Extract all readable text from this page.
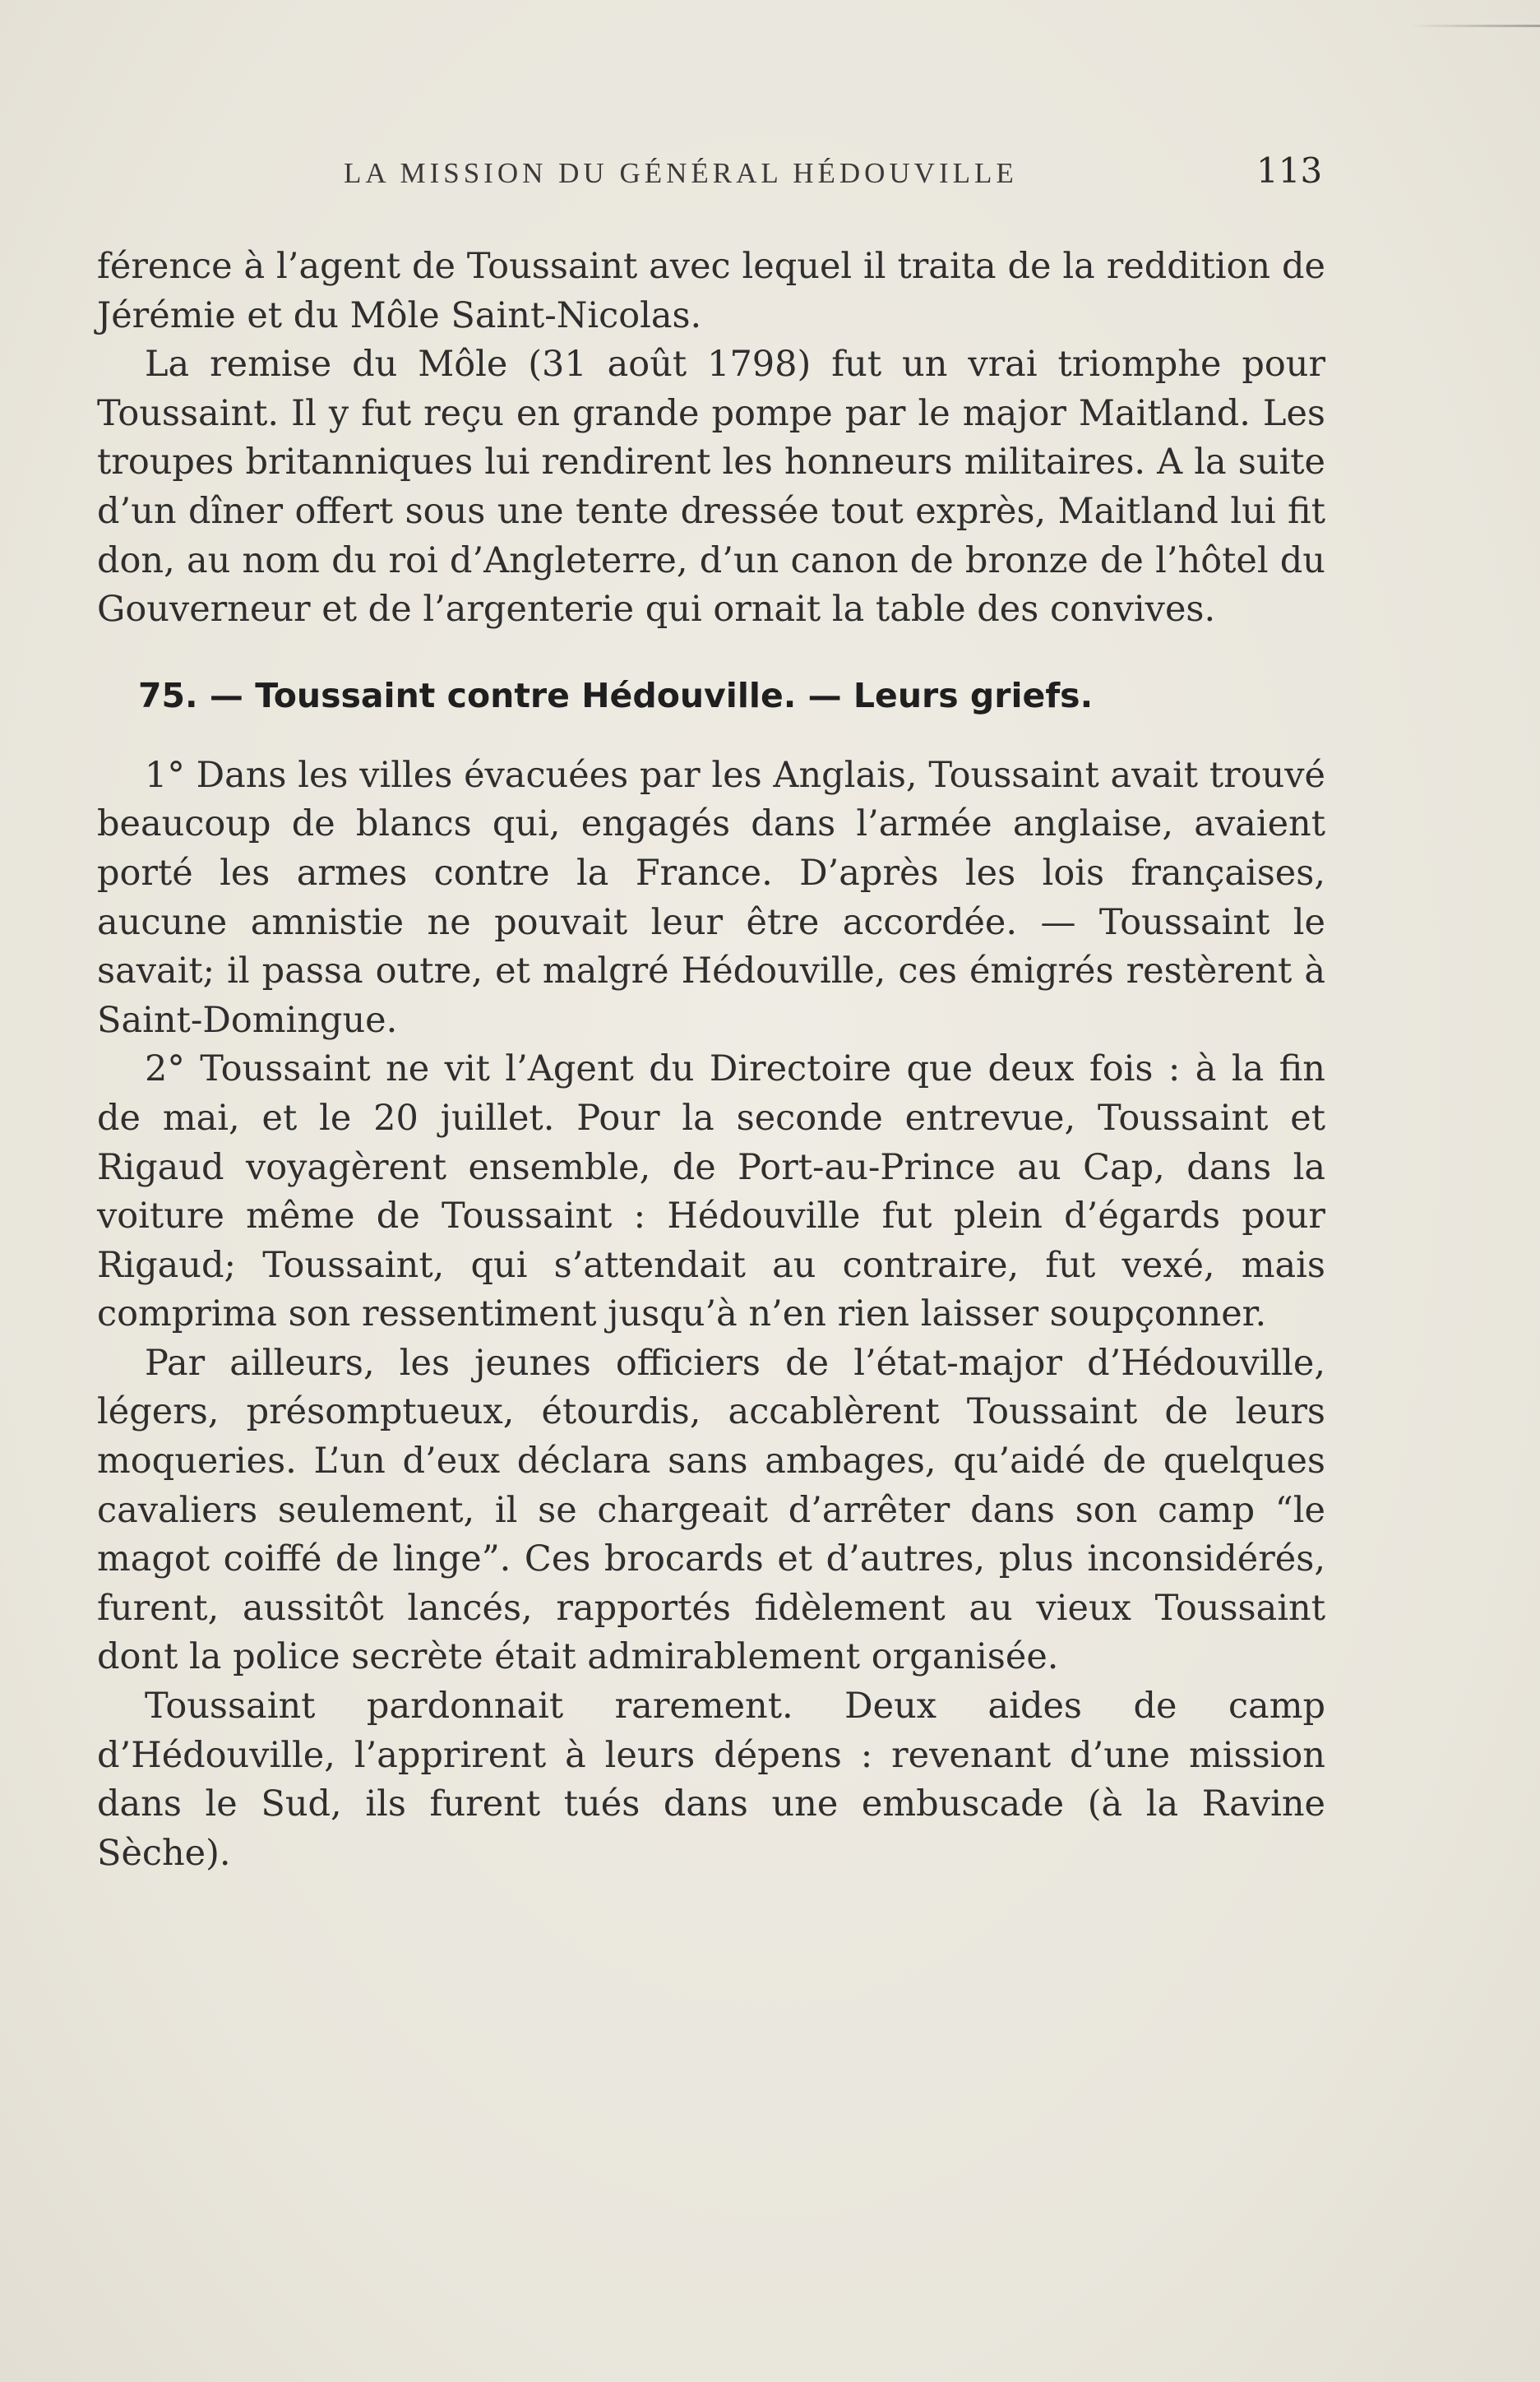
LA MISSION DU GÉNÉRAL HÉDOUVILLE	113

férence à l’agent de Toussaint avec lequel il traita de la reddition de Jérémie et du Môle Saint-Nicolas.

La remise du Môle (31 août 1798) fut un vrai triomphe pour Toussaint. Il y fut reçu en grande pompe par le major Maitland. Les troupes britanniques lui rendirent les honneurs militaires. A la suite d’un dîner offert sous une tente dressée tout exprès, Maitland lui fit don, au nom du roi d’Angleterre, d’un canon de bronze de l’hôtel du Gouverneur et de l’argenterie qui ornait la table des convives.

75. — Toussaint contre Hédouville. — Leurs griefs.

1° Dans les villes évacuées par les Anglais, Toussaint avait trouvé beaucoup de blancs qui, engagés dans l’armée anglaise, avaient porté les armes contre la France. D’après les lois françaises, aucune amnistie ne pouvait leur être accordée. — Toussaint le savait; il passa outre, et malgré Hédouville, ces émigrés restèrent à Saint-Domingue.

2° Toussaint ne vit l’Agent du Directoire que deux fois : à la fin de mai, et le 20 juillet. Pour la seconde entrevue, Toussaint et Rigaud voyagèrent ensemble, de Port-au-Prince au Cap, dans la voiture même de Toussaint : Hédouville fut plein d’égards pour Rigaud; Toussaint, qui s’attendait au contraire, fut vexé, mais comprima son ressentiment jusqu’à n’en rien laisser soupçonner.

Par ailleurs, les jeunes officiers de l’état-major d’Hédouville, légers, présomptueux, étourdis, accablèrent Toussaint de leurs moqueries. L’un d’eux déclara sans ambages, qu’aidé de quelques cavaliers seulement, il se chargeait d’arrêter dans son camp “le magot coiffé de linge”. Ces brocards et d’autres, plus inconsidérés, furent, aussitôt lancés, rapportés fidèlement au vieux Toussaint dont la police secrète était admirablement organisée.

Toussaint pardonnait rarement. Deux aides de camp d’Hédouville, l’apprirent à leurs dépens : revenant d’une mission dans le Sud, ils furent tués dans une embuscade (à la Ravine Sèche).
